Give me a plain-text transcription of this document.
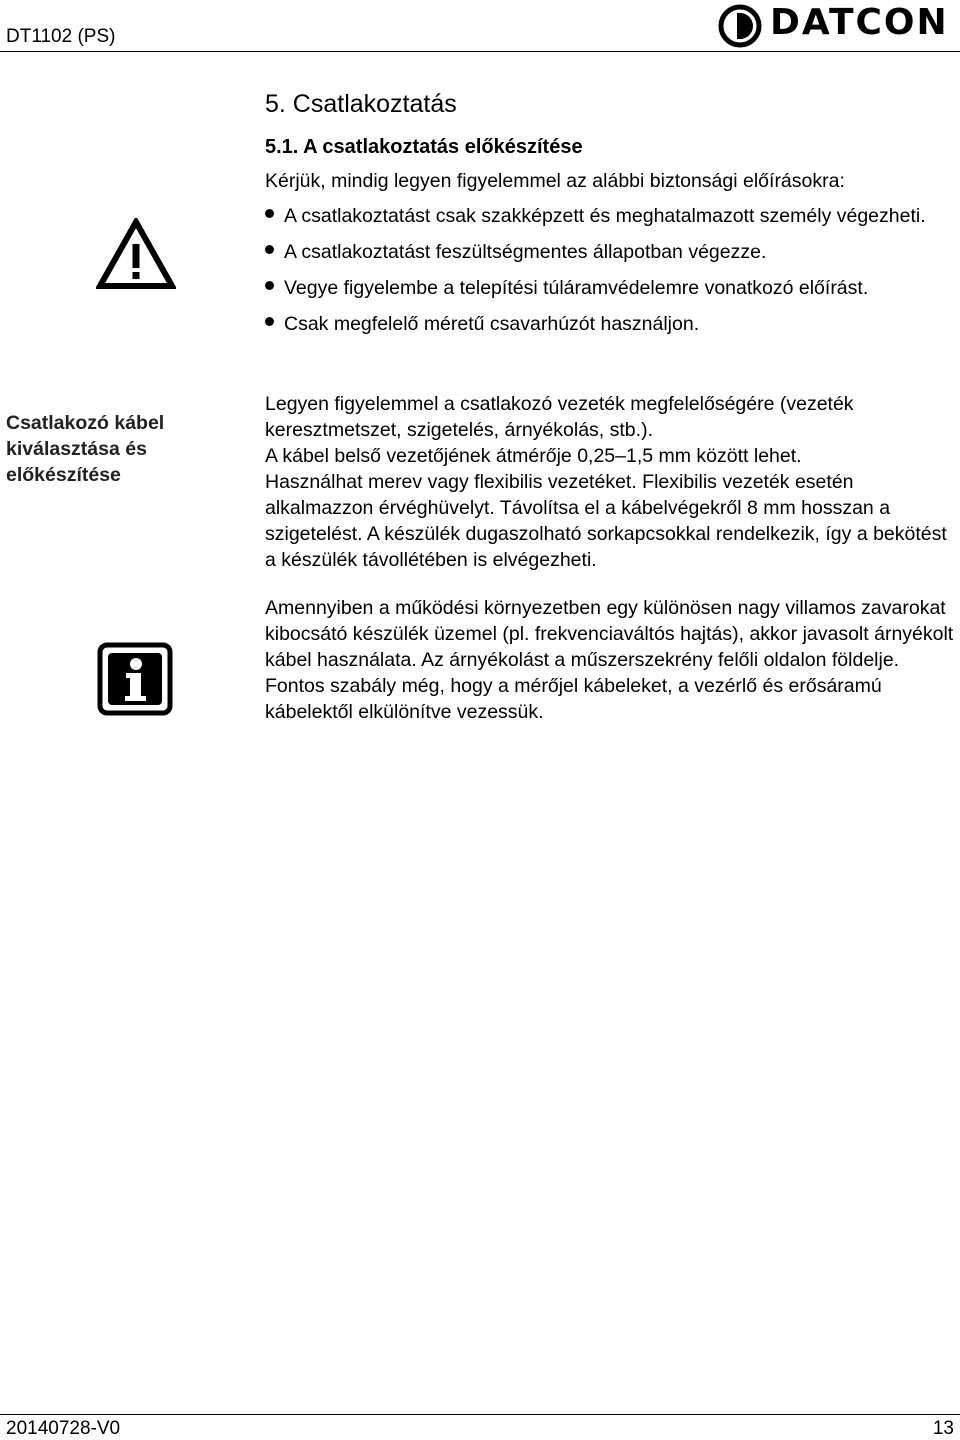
DT1102 (PS)	DATCON
5. Csatlakoztatás
5.1. A csatlakoztatás előkészítése
Kérjük, mindig legyen figyelemmel az alábbi biztonsági előírásokra:
A csatlakoztatást csak szakképzett és meghatalmazott személy végezheti.
A csatlakoztatást feszültségmentes állapotban végezze.
Vegye figyelembe a telepítési túláramvédelemre vonatkozó előírást.
Csak megfelelő méretű csavarhúzót használjon.
Csatlakozó kábel kiválasztása és előkészítése
Legyen figyelemmel a csatlakozó vezeték megfelelőségére (vezeték keresztmetszet, szigetelés, árnyékolás, stb.).
A kábel belső vezetőjének átmérője 0,25–1,5 mm között lehet.
Használhat merev vagy flexibilis vezetéket. Flexibilis vezeték esetén alkalmazzon érvéghüvelyt. Távolítsa el a kábelvégekről 8 mm hosszan a szigetelést. A készülék dugaszolható sorkapcsokkal rendelkezik, így a bekötést a készülék távollétében is elvégezheti.
Amennyiben a működési környezetben egy különösen nagy villamos zavarokat kibocsátó készülék üzemel (pl. frekvenciaváltós hajtás), akkor javasolt árnyékolt kábel használata. Az árnyékolást a műszerszekrény felőli oldalon földelje.
Fontos szabály még, hogy a mérőjel kábeleket, a vezérlő és erősáramú kábelektől elkülönítve vezessük.
20140728-V0	13
